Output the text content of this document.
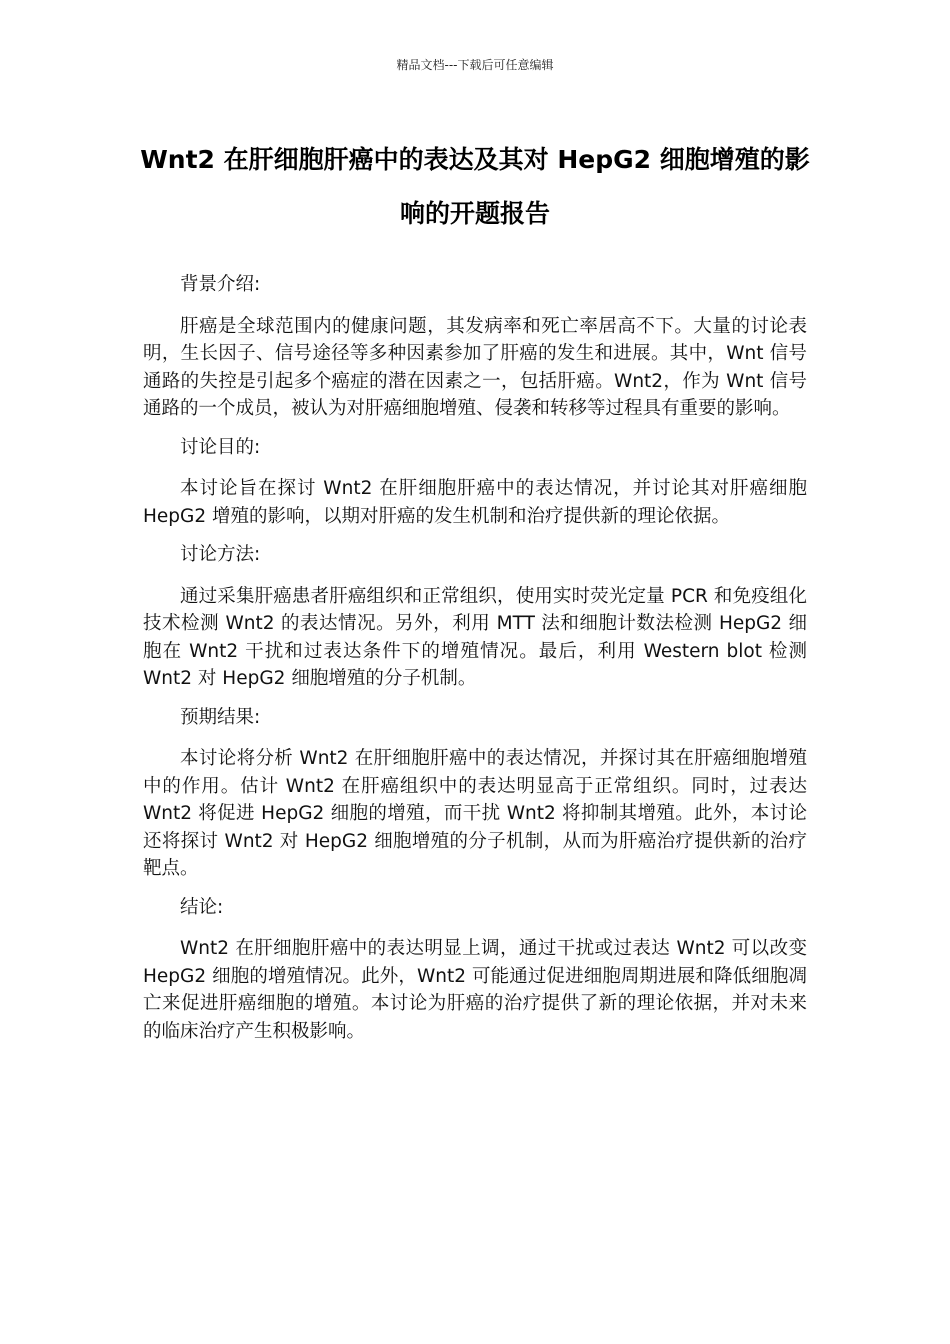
精品文档---下载后可任意编辑
Wnt2 在肝细胞肝癌中的表达及其对 HepG2 细胞增殖的影响的开题报告

背景介绍:

肝癌是全球范围内的健康问题，其发病率和死亡率居高不下。大量的讨论表明，生长因子、信号途径等多种因素参加了肝癌的发生和进展。其中，Wnt 信号通路的失控是引起多个癌症的潜在因素之一，包括肝癌。Wnt2，作为 Wnt 信号通路的一个成员，被认为对肝癌细胞增殖、侵袭和转移等过程具有重要的影响。

讨论目的:

本讨论旨在探讨 Wnt2 在肝细胞肝癌中的表达情况，并讨论其对肝癌细胞 HepG2 增殖的影响，以期对肝癌的发生机制和治疗提供新的理论依据。

讨论方法:

通过采集肝癌患者肝癌组织和正常组织，使用实时荧光定量 PCR 和免疫组化技术检测 Wnt2 的表达情况。另外，利用 MTT 法和细胞计数法检测 HepG2 细胞在 Wnt2 干扰和过表达条件下的增殖情况。最后，利用 Western blot 检测 Wnt2 对 HepG2 细胞增殖的分子机制。

预期结果:

本讨论将分析 Wnt2 在肝细胞肝癌中的表达情况，并探讨其在肝癌细胞增殖中的作用。估计 Wnt2 在肝癌组织中的表达明显高于正常组织。同时，过表达 Wnt2 将促进 HepG2 细胞的增殖，而干扰 Wnt2 将抑制其增殖。此外，本讨论还将探讨 Wnt2 对 HepG2 细胞增殖的分子机制，从而为肝癌治疗提供新的治疗靶点。

结论:

Wnt2 在肝细胞肝癌中的表达明显上调，通过干扰或过表达 Wnt2 可以改变 HepG2 细胞的增殖情况。此外，Wnt2 可能通过促进细胞周期进展和降低细胞凋亡来促进肝癌细胞的增殖。本讨论为肝癌的治疗提供了新的理论依据，并对未来的临床治疗产生积极影响。
